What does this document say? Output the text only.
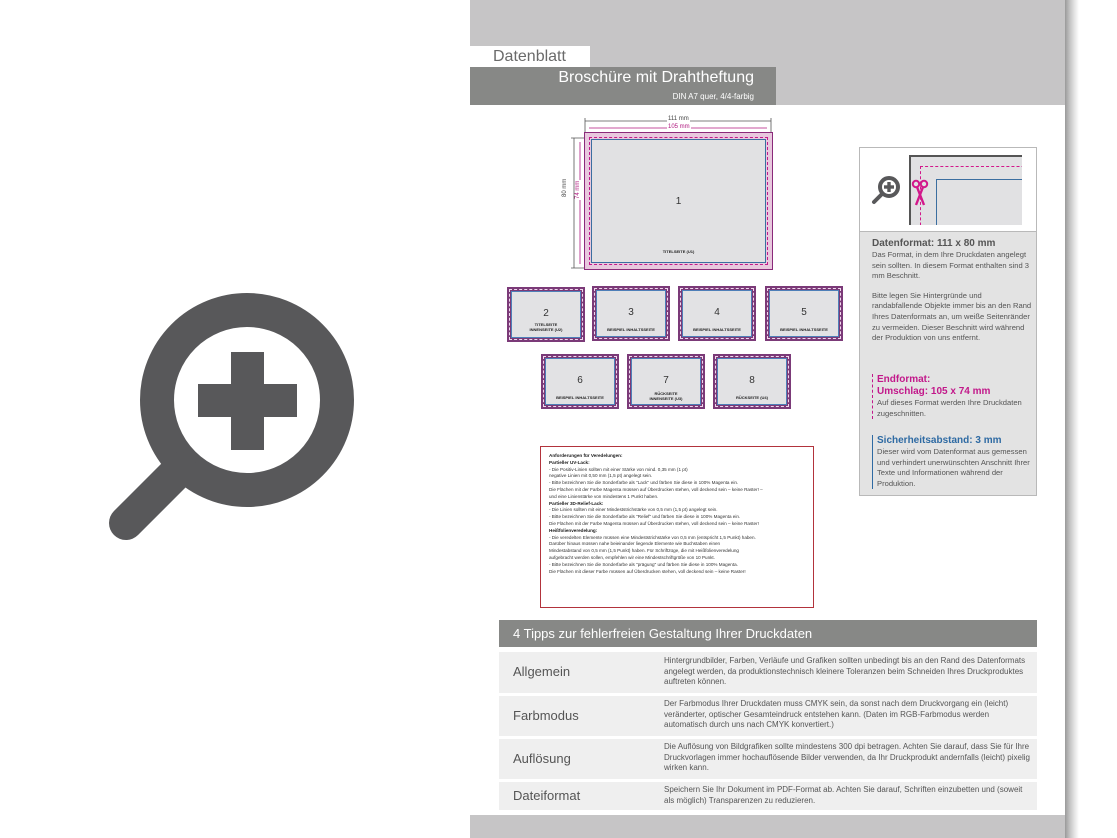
Datenblatt
Broschüre mit Drahtheftung
DIN A7 quer, 4/4-farbig
111 mm
105 mm
80 mm 74 mm
1
TITELSEITE (U1)
2
TITELSEITE
INNENSEITE (U2)
3
BEISPIEL INHALTSSEITE
4
BEISPIEL INHALTSSEITE
5
BEISPIEL INHALTSSEITE
6
BEISPIEL INHALTSSEITE
7
RÜCKSEITE
INNENSEITE (U3)
8
RÜCKSEITE (U4)
Anforderungen für Veredelungen:
Partieller UV-Lack:
- Die Positiv-Linien sollten mit einer Stärke von mind. 0,35 mm (1 pt)
negative Linien mit 0,50 mm (1,5 pt) angelegt sein.
- Bitte bezeichnen Sie die Sonderfarbe als "Lack" und färben Sie diese in 100% Magenta ein.
Die Flächen mit der Farbe Magenta müssen auf Überdrucken stehen, voll deckend sein – keine Raster! –
und eine Linienstärke von mindestens 1 Punkt haben.
Partieller 3D-Relief-Lack:
- Die Linien sollten mit einer Mindeststrichstärke von 0,5 mm (1,5 pt) angelegt sein.
- Bitte bezeichnen Sie die Sonderfarbe als "Relief" und färben Sie diese in 100% Magenta ein.
Die Flächen mit der Farbe Magenta müssen auf Überdrucken stehen, voll deckend sein – keine Raster!
Heißfolienveredelung:
- Die veredelten Elemente müssen eine Mindeststrichstärke von 0,5 mm (entspricht 1,5 Punkt) haben.
Darüber hinaus müssen nahe beieinander liegende Elemente wie Buchstaben einen
Mindestabstand von 0,5 mm (1,5 Punkt) haben. Für Schriftzüge, die mit Heißfolienveredelung
aufgebracht werden sollen, empfehlen wir eine Mindestschriftgröße von 10 Punkt.
- Bitte bezeichnen Sie die Sonderfarbe als "prägung" und färben Sie diese in 100% Magenta.
Die Flächen mit dieser Farbe müssen auf Überdrucken stehen, voll deckend sein – keine Raster!
Datenformat: 111 x 80 mm
Das Format, in dem Ihre Druckdaten angelegt sein sollten. In diesem Format enthalten sind 3 mm Beschnitt.
Bitte legen Sie Hintergründe und randabfallende Objekte immer bis an den Rand Ihres Datenformats an, um weiße Seitenränder zu vermeiden. Dieser Beschnitt wird während der Produktion von uns entfernt.
Endformat:
Umschlag: 105 x 74 mm
Auf dieses Format werden Ihre Druckdaten zugeschnitten.
Sicherheitsabstand: 3 mm
Dieser wird vom Datenformat aus gemessen und verhindert unerwünschten Anschnitt Ihrer Texte und Informationen während der Produktion.
4 Tipps zur fehlerfreien Gestaltung Ihrer Druckdaten
Allgemein
Hintergrundbilder, Farben, Verläufe und Grafiken sollten unbedingt bis an den Rand des Datenformats angelegt werden, da produktionstechnisch kleinere Toleranzen beim Schneiden Ihres Druckproduktes auftreten können.
Farbmodus
Der Farbmodus Ihrer Druckdaten muss CMYK sein, da sonst nach dem Druckvorgang ein (leicht) veränderter, optischer Gesamteindruck entstehen kann. (Daten im RGB-Farbmodus werden automatisch durch uns nach CMYK konvertiert.)
Auflösung
Die Auflösung von Bildgrafiken sollte mindestens 300 dpi betragen. Achten Sie darauf, dass Sie für Ihre Druckvorlagen immer hochauflösende Bilder verwenden, da Ihr Druckprodukt andernfalls (leicht) pixelig wirken kann.
Dateiformat	Speichern Sie Ihr Dokument im PDF-Format ab. Achten Sie darauf, Schriften einzubetten und (soweit als möglich) Transparenzen zu reduzieren.
